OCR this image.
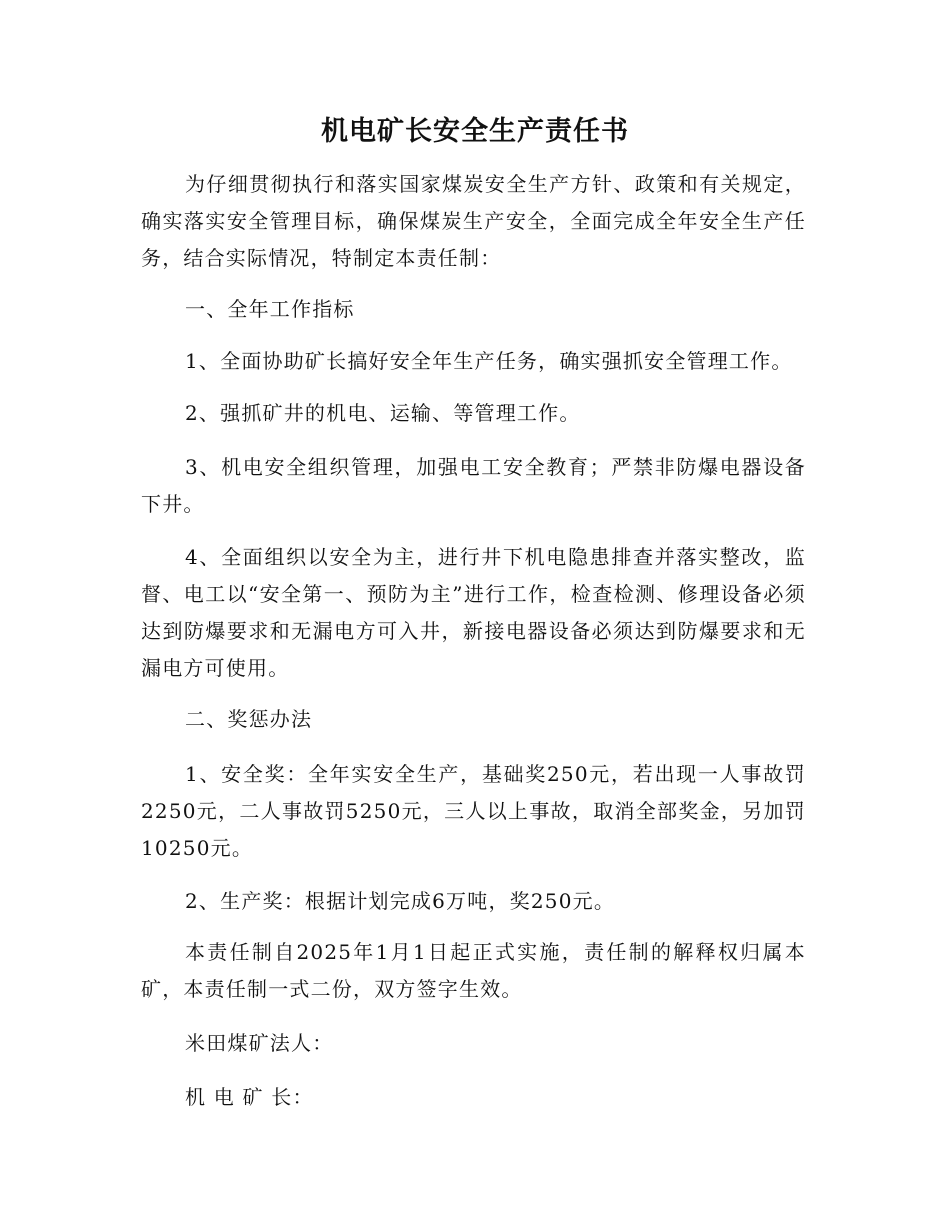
机电矿长安全生产责任书

为仔细贯彻执行和落实国家煤炭安全生产方针、政策和有关规定，确实落实安全管理目标，确保煤炭生产安全，全面完成全年安全生产任务，结合实际情况，特制定本责任制：

一、全年工作指标

1、全面协助矿长搞好安全年生产任务，确实强抓安全管理工作。

2、强抓矿井的机电、运输、等管理工作。

3、机电安全组织管理，加强电工安全教育；严禁非防爆电器设备下井。

4、全面组织以安全为主，进行井下机电隐患排查并落实整改，监督、电工以“安全第一、预防为主”进行工作，检查检测、修理设备必须达到防爆要求和无漏电方可入井，新接电器设备必须达到防爆要求和无漏电方可使用。

二、奖惩办法

1、安全奖：全年实安全生产，基础奖250元，若出现一人事故罚2250元，二人事故罚5250元，三人以上事故，取消全部奖金，另加罚10250元。

2、生产奖：根据计划完成6万吨，奖250元。

本责任制自2025年1月1日起正式实施，责任制的解释权归属本矿，本责任制一式二份，双方签字生效。

米田煤矿法人：

机 电 矿 长：
